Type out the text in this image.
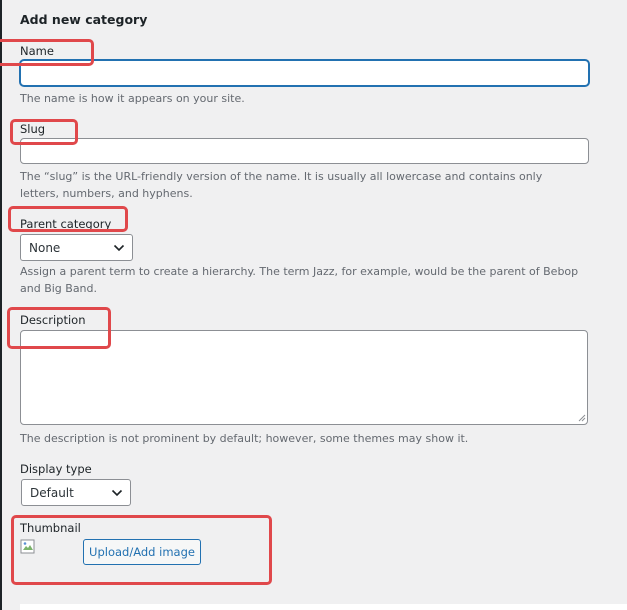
Add new category
Name
The name is how it appears on your site.
Slug
The “slug” is the URL-friendly version of the name. It is usually all lowercase and contains only letters, numbers, and hyphens.
Parent category
None
Assign a parent term to create a hierarchy. The term Jazz, for example, would be the parent of Bebop and Big Band.
Description
The description is not prominent by default; however, some themes may show it.
Display type
Default
Thumbnail
Upload/Add image
